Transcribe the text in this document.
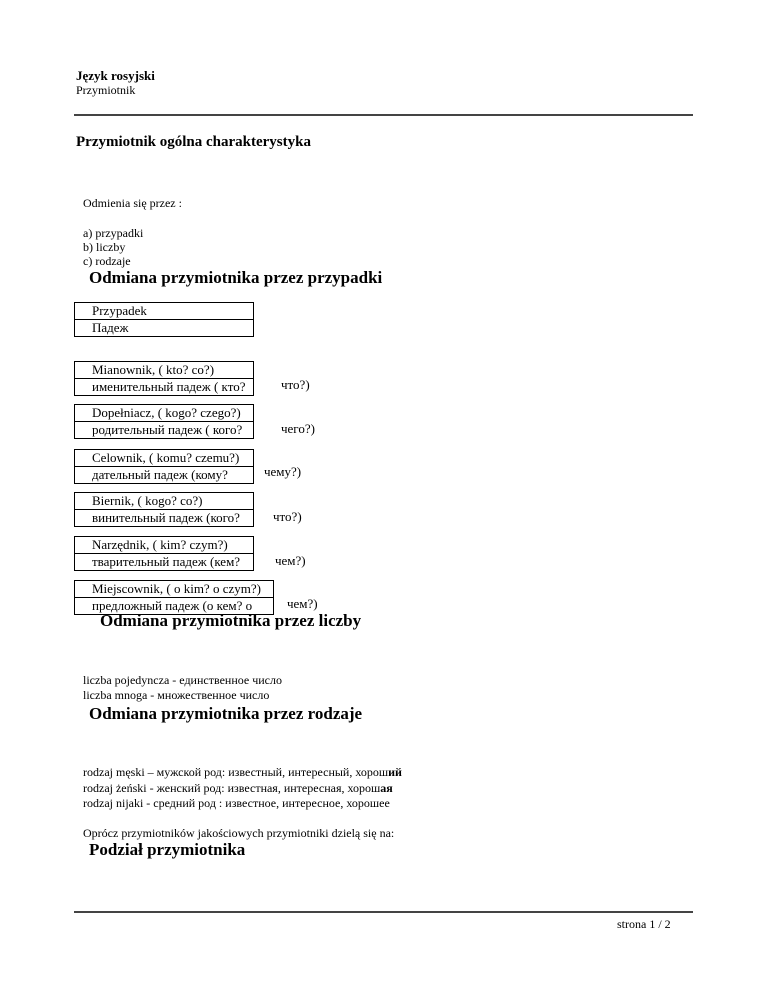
Język rosyjski
Przymiotnik
Przymiotnik ogólna charakterystyka
Odmienia się przez :
a) przypadki
b) liczby
c) rodzaje
Odmiana przymiotnika przez przypadki
Przypadek
Падеж
Mianownik, ( kto? co?)
именительный падеж ( кто?	что?)
Dopełniacz, ( kogo? czego?)
родительный падеж ( кого?	чего?)
Celownik, ( komu? czemu?)
дательный падеж (кому?	чему?)
Biernik, ( kogo? co?)
винительный падеж (кого?	что?)
Narzędnik, ( kim? czym?)
тварительный падеж (кем?	чем?)
Miejscownik, ( o kim? o czym?)
предложный падеж (о кем? о	чем?)
Odmiana przymiotnika przez liczby
liczba pojedyncza - единственное число
liczba mnoga - множественное число
Odmiana przymiotnika przez rodzaje
rodzaj męski – мужской род: известный, интересный, хороший
rodzaj żeński - женский род: известная, интересная, хорошая
rodzaj nijaki - средний род : известное, интересное, хорошее
Oprócz przymiotników jakościowych przymiotniki dzielą się na:
Podział przymiotnika
strona 1 / 2
